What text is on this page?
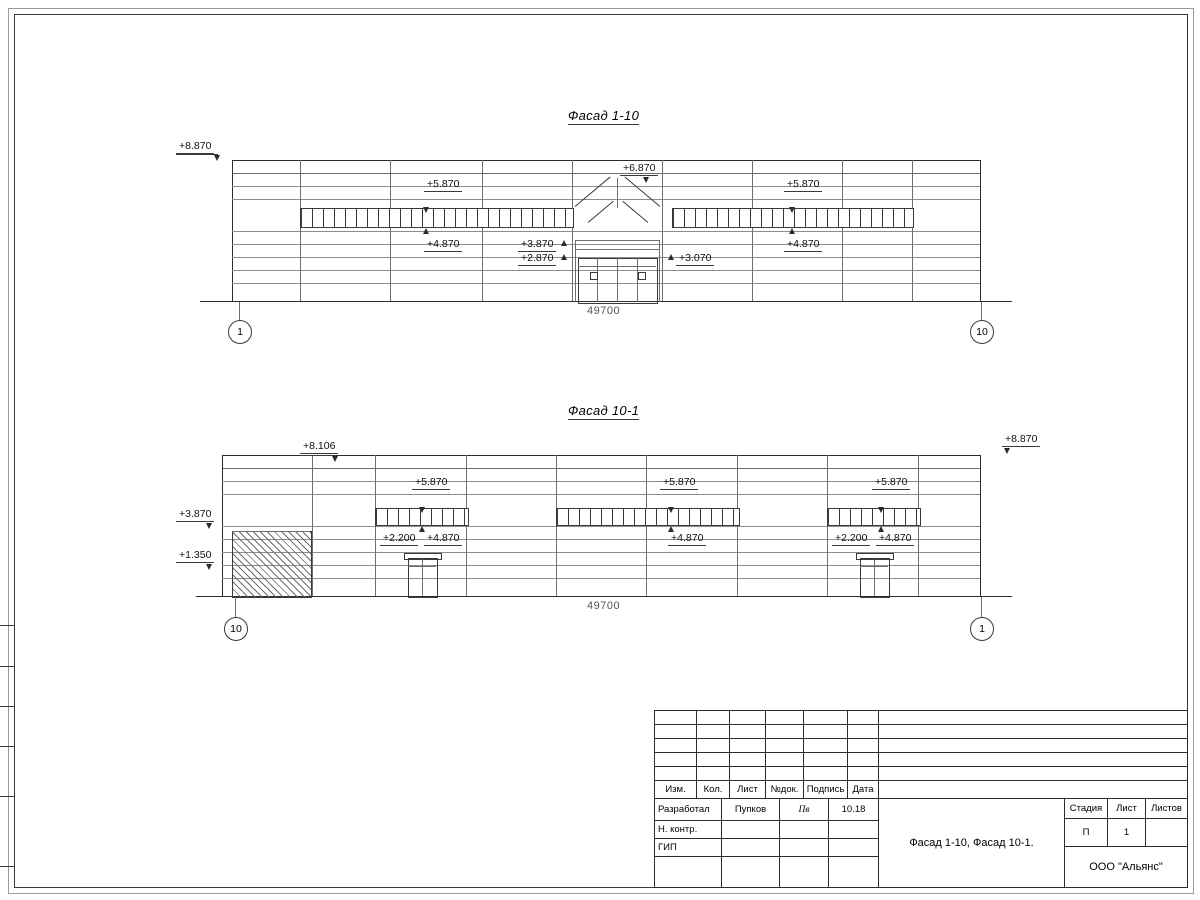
Фасад 1-10
+8.870
+6.870
+5.870	+5.870
+4.870	+4.870
+3.870
+2.870	+3.070
49700
1	10
Фасад 10-1
+8.106
+8.870
+5.870	+5.870	+5.870
+4.870	+4.870	+4.870
+3.870
+2.200	+2.200
+1.350
49700
10	1
Изм.	Кол.	Лист	№док. Подпись Дата
Разработал	Пупков	Пв	10.18
Н. контр.
ГИП	Фасад 1-10, Фасад 10-1.
Стадия	Лист	Листов
П	1
ООО "Альянс"
